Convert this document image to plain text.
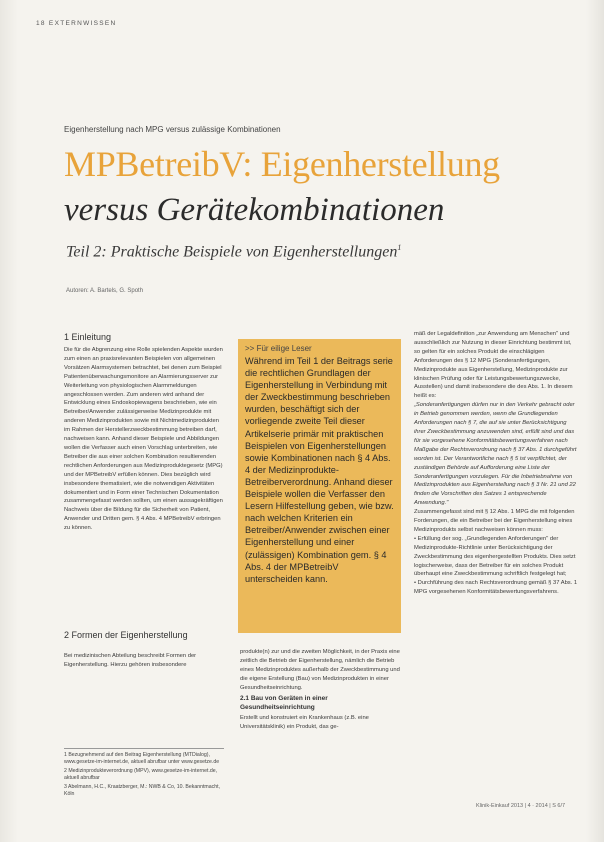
18 EXTERNWISSEN
Eigenherstellung nach MPG versus zulässige Kombinationen
MPBetreibV: Eigenherstellung
versus Gerätekombinationen
Teil 2: Praktische Beispiele von Eigenherstellungen$^1$
Autoren: A. Bartels, G. Spoth
1 Einleitung

Die für die Abgrenzung eine Rolle spielenden Aspekte wurden zum einen an praxisrelevanten Beispielen von allgemeinen Vorsätzen Alarmsystemen betrachtet, bei denen zum Beispiel Patientenüberwachungsmonitore an Alarmierungsserver zur Weiterleitung von physiologischen Alarmmeldungen angeschlossen werden. Zum anderen wird anhand der Entwicklung eines Endoskopiewagens beschrieben, wie ein Betreiber/Anwender zulässigerweise Medizinprodukte mit anderen Medizinprodukten sowie mit Nichtmedizinprodukten im Rahmen der Herstellerzweckbestimmung betreiben darf, nachweisen kann. Anhand dieser Beispiele und Abbildungen wollen die Verfasser auch einen Vorschlag unterbreiten, wie Betreiber die aus einer solchen Kombination resultierenden rechtlichen Anforderungen aus Medizinproduktegesetz (MPG) und der MPBetreibV erfüllen können. Dies bezüglich wird insbesondere thematisiert, wie die notwendigen Aktivitäten dokumentiert und in Form einer Technischen Dokumentation zusammengefasst werden sollten, um einen aussagekräftigen Nachweis über die Bildung für die Sicherheit von Patient, Anwender und Dritten gem. § 4 Abs. 4 MPBetreibV erbringen zu können.

2 Formen der Eigenherstellung

Bei medizinischen Abteilung beschreibt Formen der Eigenherstellung. Hierzu gehören insbesondere

1 Bezugnehmend auf den Beitrag Eigenherstellung (MTDialog), www.gesetze-im-internet.de, aktuell abrufbar unter www.gesetze.de

2 Medizinprodukteverordnung (MPV), www.gesetze-im-internet.de, aktuell abrufbar

3 Abelmann, H.C., Kraatzberger, M.: NWB & Co, 10. Bekanntmacht, Köln

>> Für eilige Leser
Während im Teil 1 der Beitrags serie die rechtlichen Grundlagen der Eigenherstellung in Verbindung mit der Zweckbestimmung beschrieben wurden, beschäftigt sich der vorliegende zweite Teil dieser Artikelserie primär mit praktischen Beispielen von Eigenherstellungen sowie Kombinationen nach § 4 Abs. 4 der Medizinprodukte-Betreiberverordnung. Anhand dieser Beispiele wollen die Verfasser den Lesern Hilfestellung geben, wie bzw. nach welchen Kriterien ein Betreiber/Anwender zwischen einer Eigenherstellung und einer (zulässigen) Kombination gem. § 4 Abs. 4 der MPBetreibV unterscheiden kann.

produkte(n) zur und die zweiten Möglichkeit, in der Praxis eine zeitlich die Betrieb der Eigenherstellung, nämlich die Betrieb eines Medizinproduktes außerhalb der Zweckbestimmung und die eigene Erstellung (Bau) von Medizinprodukten in einer Gesundheitseinrichtung.

2.1 Bau von Geräten in einer Gesundheitseinrichtung
Erstellt und konstruiert ein Krankenhaus (z.B. eine Universitätsklinik) ein Produkt, das ge-

mäß der Legaldefinition „zur Anwendung am Menschen" und ausschließlich zur Nutzung in dieser Einrichtung bestimmt ist, so gelten für ein solches Produkt die einschlägigen Anforderungen des § 12 MPG (Sonderanfertigungen, Medizinprodukte aus Eigenherstellung, Medizinprodukte zur klinischen Prüfung oder für Leistungsbewertungszwecke, Ausstellen) und damit insbesondere die des Abs. 1. In diesem heißt es:

„Sonderanfertigungen dürfen nur in den Verkehr gebracht oder in Betrieb genommen werden, wenn die Grundlegenden Anforderungen nach § 7, die auf sie unter Berücksichtigung ihrer Zweckbestimmung anzuwenden sind, erfüllt sind und das für sie vorgesehene Konformitätsbewertungsverfahren nach Maßgabe der Rechtsverordnung nach § 37 Abs. 1 durchgeführt worden ist. Der Verantwortliche nach § 5 ist verpflichtet, der zuständigen Behörde auf Aufforderung eine Liste der Sonderanfertigungen vorzulegen. Für die Inbetriebnahme von Medizinprodukten aus Eigenherstellung nach § 3 Nr. 21 und 22 finden die Vorschriften des Satzes 1 entsprechende Anwendung."

Zusammengefasst sind mit § 12 Abs. 1 MPG die mit folgenden Forderungen, die ein Betreiber bei der Eigenherstellung eines Medizinprodukts selbst nachweisen können muss:

• Erfüllung der sog. „Grundlegenden Anforderungen" der Medizinprodukte-Richtlinie unter Berücksichtigung der Zweckbestimmung des eigenhergestellten Produkts. Dies setzt logischerweise, dass der Betreiber für ein solches Produkt überhaupt eine Zweckbestimmung schriftlich festgelegt hat;

• Durchführung des nach Rechtsverordnung gemäß § 37 Abs. 1 MPG vorgesehenen Konformitätsbewertungsverfahrens.

Klinik-Einkauf 2013 | 4 · 2014 | S 6/7
